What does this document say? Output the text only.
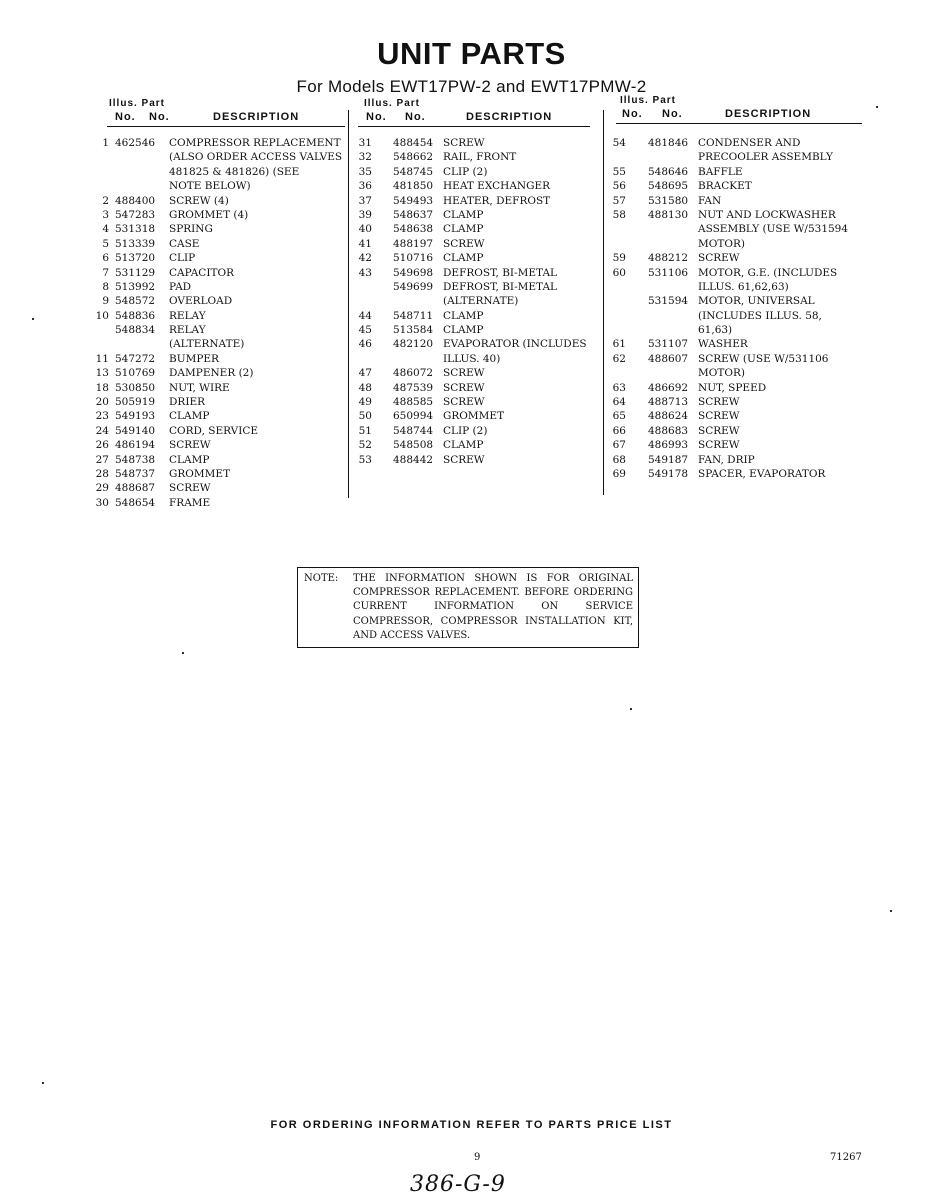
UNIT PARTS
For Models EWT17PW-2 and EWT17PMW-2
Illus. Part
No. No.	DESCRIPTION
1 462546 COMPRESSOR REPLACEMENT
(ALSO ORDER ACCESS VALVES
481825 & 481826) (SEE
NOTE BELOW)
2 488400 SCREW (4)
3 547283 GROMMET (4)
4 531318 SPRING
5 513339 CASE
6 513720 CLIP
7 531129 CAPACITOR
8 513992 PAD
9 548572 OVERLOAD
10 548836 RELAY
548834 RELAY
(ALTERNATE)
11 547272 BUMPER
13 510769 DAMPENER (2)
18 530850 NUT, WIRE
20 505919 DRIER
23 549193 CLAMP
24 549140 CORD, SERVICE
26 486194 SCREW
27 548738 CLAMP
28 548737 GROMMET
29 488687 SCREW
30 548654 FRAME
Illus. Part
No. No.	DESCRIPTION
31 488454 SCREW
32 548662 RAIL, FRONT
35 548745 CLIP (2)
36 481850 HEAT EXCHANGER
37 549493 HEATER, DEFROST
39 548637 CLAMP
40 548638 CLAMP
41 488197 SCREW
42 510716 CLAMP
43 549698 DEFROST, BI-METAL
549699 DEFROST, BI-METAL
(ALTERNATE)
44 548711 CLAMP
45 513584 CLAMP
46 482120 EVAPORATOR (INCLUDES
ILLUS. 40)
47 486072 SCREW
48 487539 SCREW
49 488585 SCREW
50 650994 GROMMET
51 548744 CLIP (2)
52 548508 CLAMP
53 488442 SCREW
Illus. Part
No. No.	DESCRIPTION
54 481846 CONDENSER AND
PRECOOLER ASSEMBLY
55 548646 BAFFLE
56 548695 BRACKET
57 531580 FAN
58 488130 NUT AND LOCKWASHER
ASSEMBLY (USE W/531594
MOTOR)
59 488212 SCREW
60 531106 MOTOR, G.E. (INCLUDES
ILLUS. 61,62,63)
531594 MOTOR, UNIVERSAL
(INCLUDES ILLUS. 58,
61,63)
61 531107 WASHER
62 488607 SCREW (USE W/531106
MOTOR)
63 486692 NUT, SPEED
64 488713 SCREW
65 488624 SCREW
66 488683 SCREW
67 486993 SCREW
68 549187 FAN, DRIP
69 549178 SPACER, EVAPORATOR
NOTE: THE INFORMATION SHOWN IS FOR ORIGINAL COMPRESSOR REPLACEMENT. BEFORE ORDERING CURRENT INFORMATION ON SERVICE COMPRESSOR, COMPRESSOR INSTALLATION KIT, AND ACCESS VALVES.
FOR ORDERING INFORMATION REFER TO PARTS PRICE LIST
9	71267
386-G-9
